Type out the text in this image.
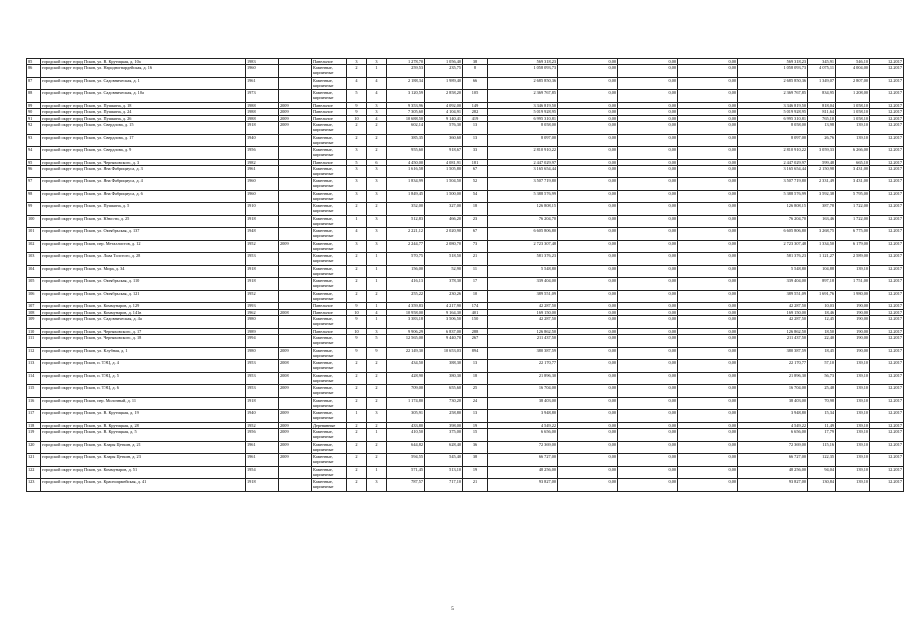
85	городской округ город Псков, ул. В. Крутицкая, д. 10а	1983		Панельное	3	3	1 278,70	1 056,40	38	569 318,23	0,00	0,00	0,00	569 318,23	345,91	546,10	12.2017
86	городской округ город Псков, ул. Народногвардейская, д. 16	1960		Каменные, кирпичные	2	1	259,53	235,75	8	1 058 093,73	0,00	0,00	0,00	1 058 093,73	4 075,11	4 004,00	12.2017
87	городской округ город Псков, ул. Садовническая, д. 1	1961		Каменные, кирпичные	4	4	2 188,34	1 989,40	66	2 685 850,36	0,00	0,00	0,00	2 685 850,36	1 349,07	2 807,00	12.2017
88	городской округ город Псков, ул. Садовническая, д. 10а	1973		Каменные, кирпичные	5	4	3 120,59	2 858,20	105	2 369 767,85	0,00	0,00	0,00	2 369 767,85	834,95	1 208,00	12.2017
89	городской округ город Псков, ул. Пушкина, д. 18	1988	2009	Панельное	9	3	9 353,96	4 092,00	149	3 346 819,50	0,00	0,00	0,00	3 346 819,50	818,04	1 058,10	12.2017
90	городской округ город Псков, ул. Пушкина, д. 24	1988	2009	Панельное	9	3	7 305,60	4 104,91	282	5 019 928,95	0,00	0,00	0,00	5 019 928,95	811,64	1 058,10	12.2017
91	городской округ город Псков, ул. Пушкина, д. 26	1988	2009	Панельное	10	4	10 688,50	9 140,41	419	6 995 310,81	0,00	0,00	0,00	6 995 310,81	765,10	1 058,10	12.2017
92	городской округ город Псков, ул. Свердлова, д. 15	1918	2009	Каменные, кирпичные	2	2	602,14	576,30	13	8 058,00	0,00	0,00	0,00	8 058,00	13,98	139,10	12.2017
93	городской округ город Псков, ул. Свердлова, д. 17	1940		Каменные, кирпичные	2	2	385,35	360,60	13	8 097,00	0,00	0,00	0,00	8 097,00	26,76	139,10	12.2017
94	городской округ город Псков, ул. Свердлова, д. 9	1956		Каменные, кирпичные	3	2	955,60	918,67	33	2 810 910,22	0,00	0,00	0,00	2 810 910,22	3 059,33	6 266,00	12.2017
95	городской округ город Псков, ул. Черняховского, д. 3	1982		Панельное	5	6	4 450,00	4 081,91	181	2 447 029,97	0,00	0,00	0,00	2 447 029,97	599,48	665,10	12.2017
96	городской округ город Псков, ул. Яна Фабрициуса, д. 3	1961		Каменные, кирпичные	3	3	1 616,58	1 505,80	67	3 165 654,44	0,00	0,00	0,00	3 165 654,44	2 150,98	3 431,00	12.2017
97	городской округ город Псков, ул. Яна Фабрициуса, д. 4	1960		Каменные, кирпичные	3	3	1 834,99	1 504,50	52	3 507 719,80	0,00	0,00	0,00	3 507 719,80	2 331,49	3 431,00	12.2017
98	городской округ город Псков, ул. Яна Фабрициуса, д. 6	1960		Каменные, кирпичные	3	3	1 849,45	1 500,00	54	5 388 576,99	0,00	0,00	0,00	5 388 576,99	3 592,38	5 795,00	12.2017
99	городской округ город Псков, ул. Пушкина, д. 5	1910		Каменные, кирпичные	2	2	352,00	327,00	18	126 808,15	0,00	0,00	0,00	126 808,15	387,78	1 722,00	12.2017
100	городской округ город Псков, ул. Юности, д. 25	1918		Каменные, кирпичные	1	3	512,83	466,20	23	76 204,70	0,00	0,00	0,00	76 204,70	163,46	1 722,00	12.2017
101	городской округ город Псков, ул. Октябрьская, д. 137	1948		Каменные, кирпичные	4	3	2 221,12	2 020,90	67	6 605 806,80	0,00	0,00	0,00	6 605 806,80	3 268,75	6 775,00	12.2017
102	городской округ город Псков, пер. Металлистов, д. 12	1952	2009	Каменные, кирпичные	3	3	2 244,77	2 080,70	73	2 723 307,48	0,00	0,00	0,00	2 723 307,48	1 334,50	6 179,00	12.2017
103	городской округ город Псков, ул. Льва Толстого, д. 28	1953		Каменные, кирпичные	2	1	570,75	518,50	21	581 376,23	0,00	0,00	0,00	581 376,23	1 121,27	2 589,00	12.2017
104	городской округ город Псков, ул. Мира, д. 34	1918		Каменные, кирпичные	2	1	156,00	52,90	11	5 548,80	0,00	0,00	0,00	5 548,80	104,88	139,10	12.2017
105	городской округ город Псков, ул. Октябрьская, д. 110	1918		Каменные, кирпичные	2	1	416,13	378,30	17	339 404,00	0,00	0,00	0,00	339 404,00	897,18	1 751,00	12.2017
106	городской округ город Псков, ул. Октябрьская, д. 121	1952		Каменные, кирпичные	2	2	255,22	230,26	10	389 551,09	0,00	0,00	0,00	389 551,09	1 691,76	1 980,00	12.2017
107	городской округ город Псков, ул. Коммунаров, д. 129	1993		Панельное	9	1	4 359,83	4 217,90	174	42 287,50	0,00	0,00	0,00	42 287,50	10,03	190,00	12.2017
108	городской округ город Псков, ул. Коммунаров, д. 141в	1962	2008	Панельное	10	4	10 958,00	9 164,30	401	169 150,00	0,00	0,00	0,00	169 150,00	18,46	190,00	12.2017
109	городской округ город Псков, ул. Садовническая, д. 4а	1980		Каменные, кирпичные	9	1	3 383,18	3 506,50	150	42 287,50	0,00	0,00	0,00	42 287,50	12,45	190,00	12.2017
110	городской округ город Псков, ул. Черняховского, д. 17	1989		Панельное	10	3	9 906,29	6 837,00	288	126 862,50	0,00	0,00	0,00	126 862,50	18,50	190,00	12.2017
111	городской округ город Псков, ул. Черняховского, д. 18	1994		Каменные, кирпичные	9	5	12 565,00	9 440,70	267	211 437,50	0,00	0,00	0,00	211 437,50	22,40	190,00	12.2017
112	городской округ город Псков, ул. Клубная, д. 1	1980	2009	Каменные, кирпичные	9	9	22 149,30	10 653,03	894	380 387,59	0,00	0,00	0,00	380 387,59	18,45	190,00	12.2017
113	городской округ город Псков, п. ТЭЦ, д. 4	1953	2008	Каменные, кирпичные	2	2	434,50	388,30	13	22 170,77	0,00	0,00	0,00	22 170,77	57,10	139,10	12.2017
114	городской округ город Псков, п. ТЭЦ, д. 5	1953	2008	Каменные, кирпичные	2	2	428,90	380,30	18	21 896,30	0,00	0,00	0,00	21 896,30	56,73	139,10	12.2017
115	городской округ город Псков, п. ТЭЦ, д. 6	1953	2009	Каменные, кирпичные	2	2	709,00	655,60	25	16 704,00	0,00	0,00	0,00	16 704,00	25,48	139,10	12.2017
116	городской округ город Псков, пер. Молочный, д. 11	1918		Каменные, кирпичные	2	2	1 174,80	730,20	24	38 403,00	0,00	0,00	0,00	38 403,00	70,98	139,10	12.2017
117	городской округ город Псков, ул. В. Крутицкая, д. 19	1940	2009	Каменные, кирпичные	1	3	305,91	258,80	13	3 948,80	0,00	0,00	0,00	3 948,80	15,34	139,10	12.2017
118	городской округ город Псков, ул. В. Крутицкая, д. 28	1952	2009	Деревянные	2	2	433,80	398,00	19	4 549,22	0,00	0,00	0,00	4 549,22	11,49	139,10	12.2017
119	городской округ город Псков, ул. В. Крутицкая, д. 5	1956	2009	Каменные, кирпичные	2	1	410,50	375,00	15	6 656,00	0,00	0,00	0,00	6 656,00	17,79	139,10	12.2017
120	городской округ город Псков, ул. Клары Цеткин, д. 21	1961	2009	Каменные, кирпичные	2	2	644,82	628,40	36	72 369,00	0,00	0,00	0,00	72 369,00	115,16	139,10	12.2017
121	городской округ город Псков, ул. Клары Цеткин, д. 23	1961	2009	Каменные, кирпичные	2	2	594,55	545,40	38	66 727,00	0,00	0,00	0,00	66 727,00	122,35	139,10	12.2017
122	городской округ город Псков, ул. Коммунаров, д. 51	1954		Каменные, кирпичные	2	1	571,45	513,10	19	48 256,00	0,00	0,00	0,00	48 256,00	94,04	139,10	12.2017
123	городской округ город Псков, ул. Красноармейская, д. 41	1918		Каменные, кирпичные	2	3	787,57	717,10	21	93 827,00	0,00	0,00	0,00	93 827,00	130,84	139,10	12.2017
5
